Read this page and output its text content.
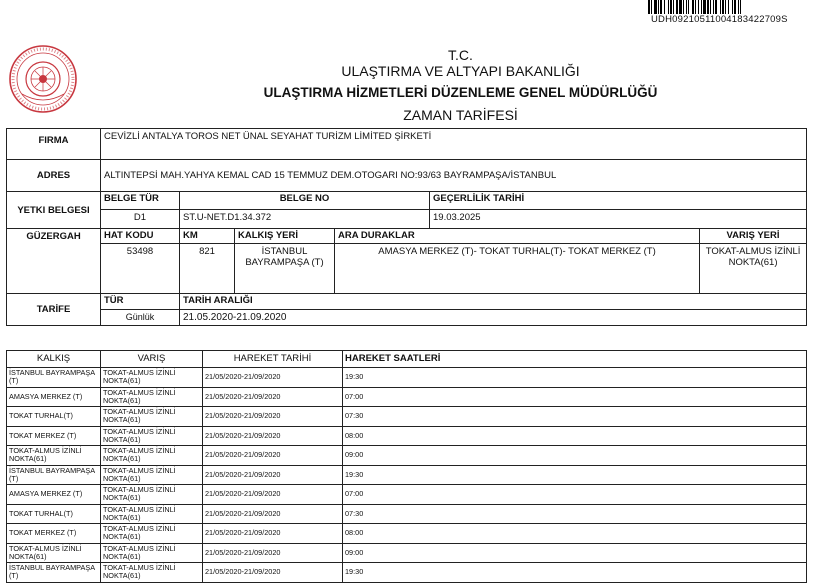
UDH09210511004183422709S
T.C.
ULAŞTIRMA VE ALTYAPI BAKANLIĞI
ULAŞTIRMA HİZMETLERİ DÜZENLEME GENEL MÜDÜRLÜĞÜ
ZAMAN TARİFESİ
FIRMA	CEVİZLİ ANTALYA TOROS NET ÜNAL SEYAHAT TURİZM LİMİTED ŞİRKETİ					
ADRES	ALTINTEPSİ MAH.YAHYA KEMAL CAD 15 TEMMUZ DEM.OTOGARI NO:93/63 BAYRAMPAŞA/İSTANBUL					
YETKI BELGESI	BELGE TÜR	BELGE NO			GEÇERLİLİK TARİHİ	
	D1	ST.U-NET.D1.34.372			19.03.2025	
GÜZERGAH	HAT KODU	KM	KALKIŞ YERİ	ARA DURAKLAR		VARIŞ YERİ
	53498	821	İSTANBUL BAYRAMPAŞA (T)	AMASYA MERKEZ (T)- TOKAT TURHAL(T)- TOKAT MERKEZ (T)		TOKAT-ALMUS İZİNLİ NOKTA(61)
TARİFE	TÜR	TARİH ARALIĞI				
	Günlük	21.05.2020-21.09.2020				
KALKIŞ	VARIŞ	HAREKET TARİHİ	HAREKET SAATLERİ
İSTANBUL BAYRAMPAŞA (T)	TOKAT-ALMUS İZİNLİ NOKTA(61)	21/05/2020-21/09/2020	19:30
AMASYA MERKEZ (T)	TOKAT-ALMUS İZİNLİ NOKTA(61)	21/05/2020-21/09/2020	07:00
TOKAT TURHAL(T)	TOKAT-ALMUS İZİNLİ NOKTA(61)	21/05/2020-21/09/2020	07:30
TOKAT MERKEZ (T)	TOKAT-ALMUS İZİNLİ NOKTA(61)	21/05/2020-21/09/2020	08:00
TOKAT-ALMUS İZİNLİ NOKTA(61)	TOKAT-ALMUS İZİNLİ NOKTA(61)	21/05/2020-21/09/2020	09:00
İSTANBUL BAYRAMPAŞA (T)	TOKAT-ALMUS İZİNLİ NOKTA(61)	21/05/2020-21/09/2020	19:30
AMASYA MERKEZ (T)	TOKAT-ALMUS İZİNLİ NOKTA(61)	21/05/2020-21/09/2020	07:00
TOKAT TURHAL(T)	TOKAT-ALMUS İZİNLİ NOKTA(61)	21/05/2020-21/09/2020	07:30
TOKAT MERKEZ (T)	TOKAT-ALMUS İZİNLİ NOKTA(61)	21/05/2020-21/09/2020	08:00
TOKAT-ALMUS İZİNLİ NOKTA(61)	TOKAT-ALMUS İZİNLİ NOKTA(61)	21/05/2020-21/09/2020	09:00
İSTANBUL BAYRAMPAŞA (T)	TOKAT-ALMUS İZİNLİ NOKTA(61)	21/05/2020-21/09/2020	19:30
